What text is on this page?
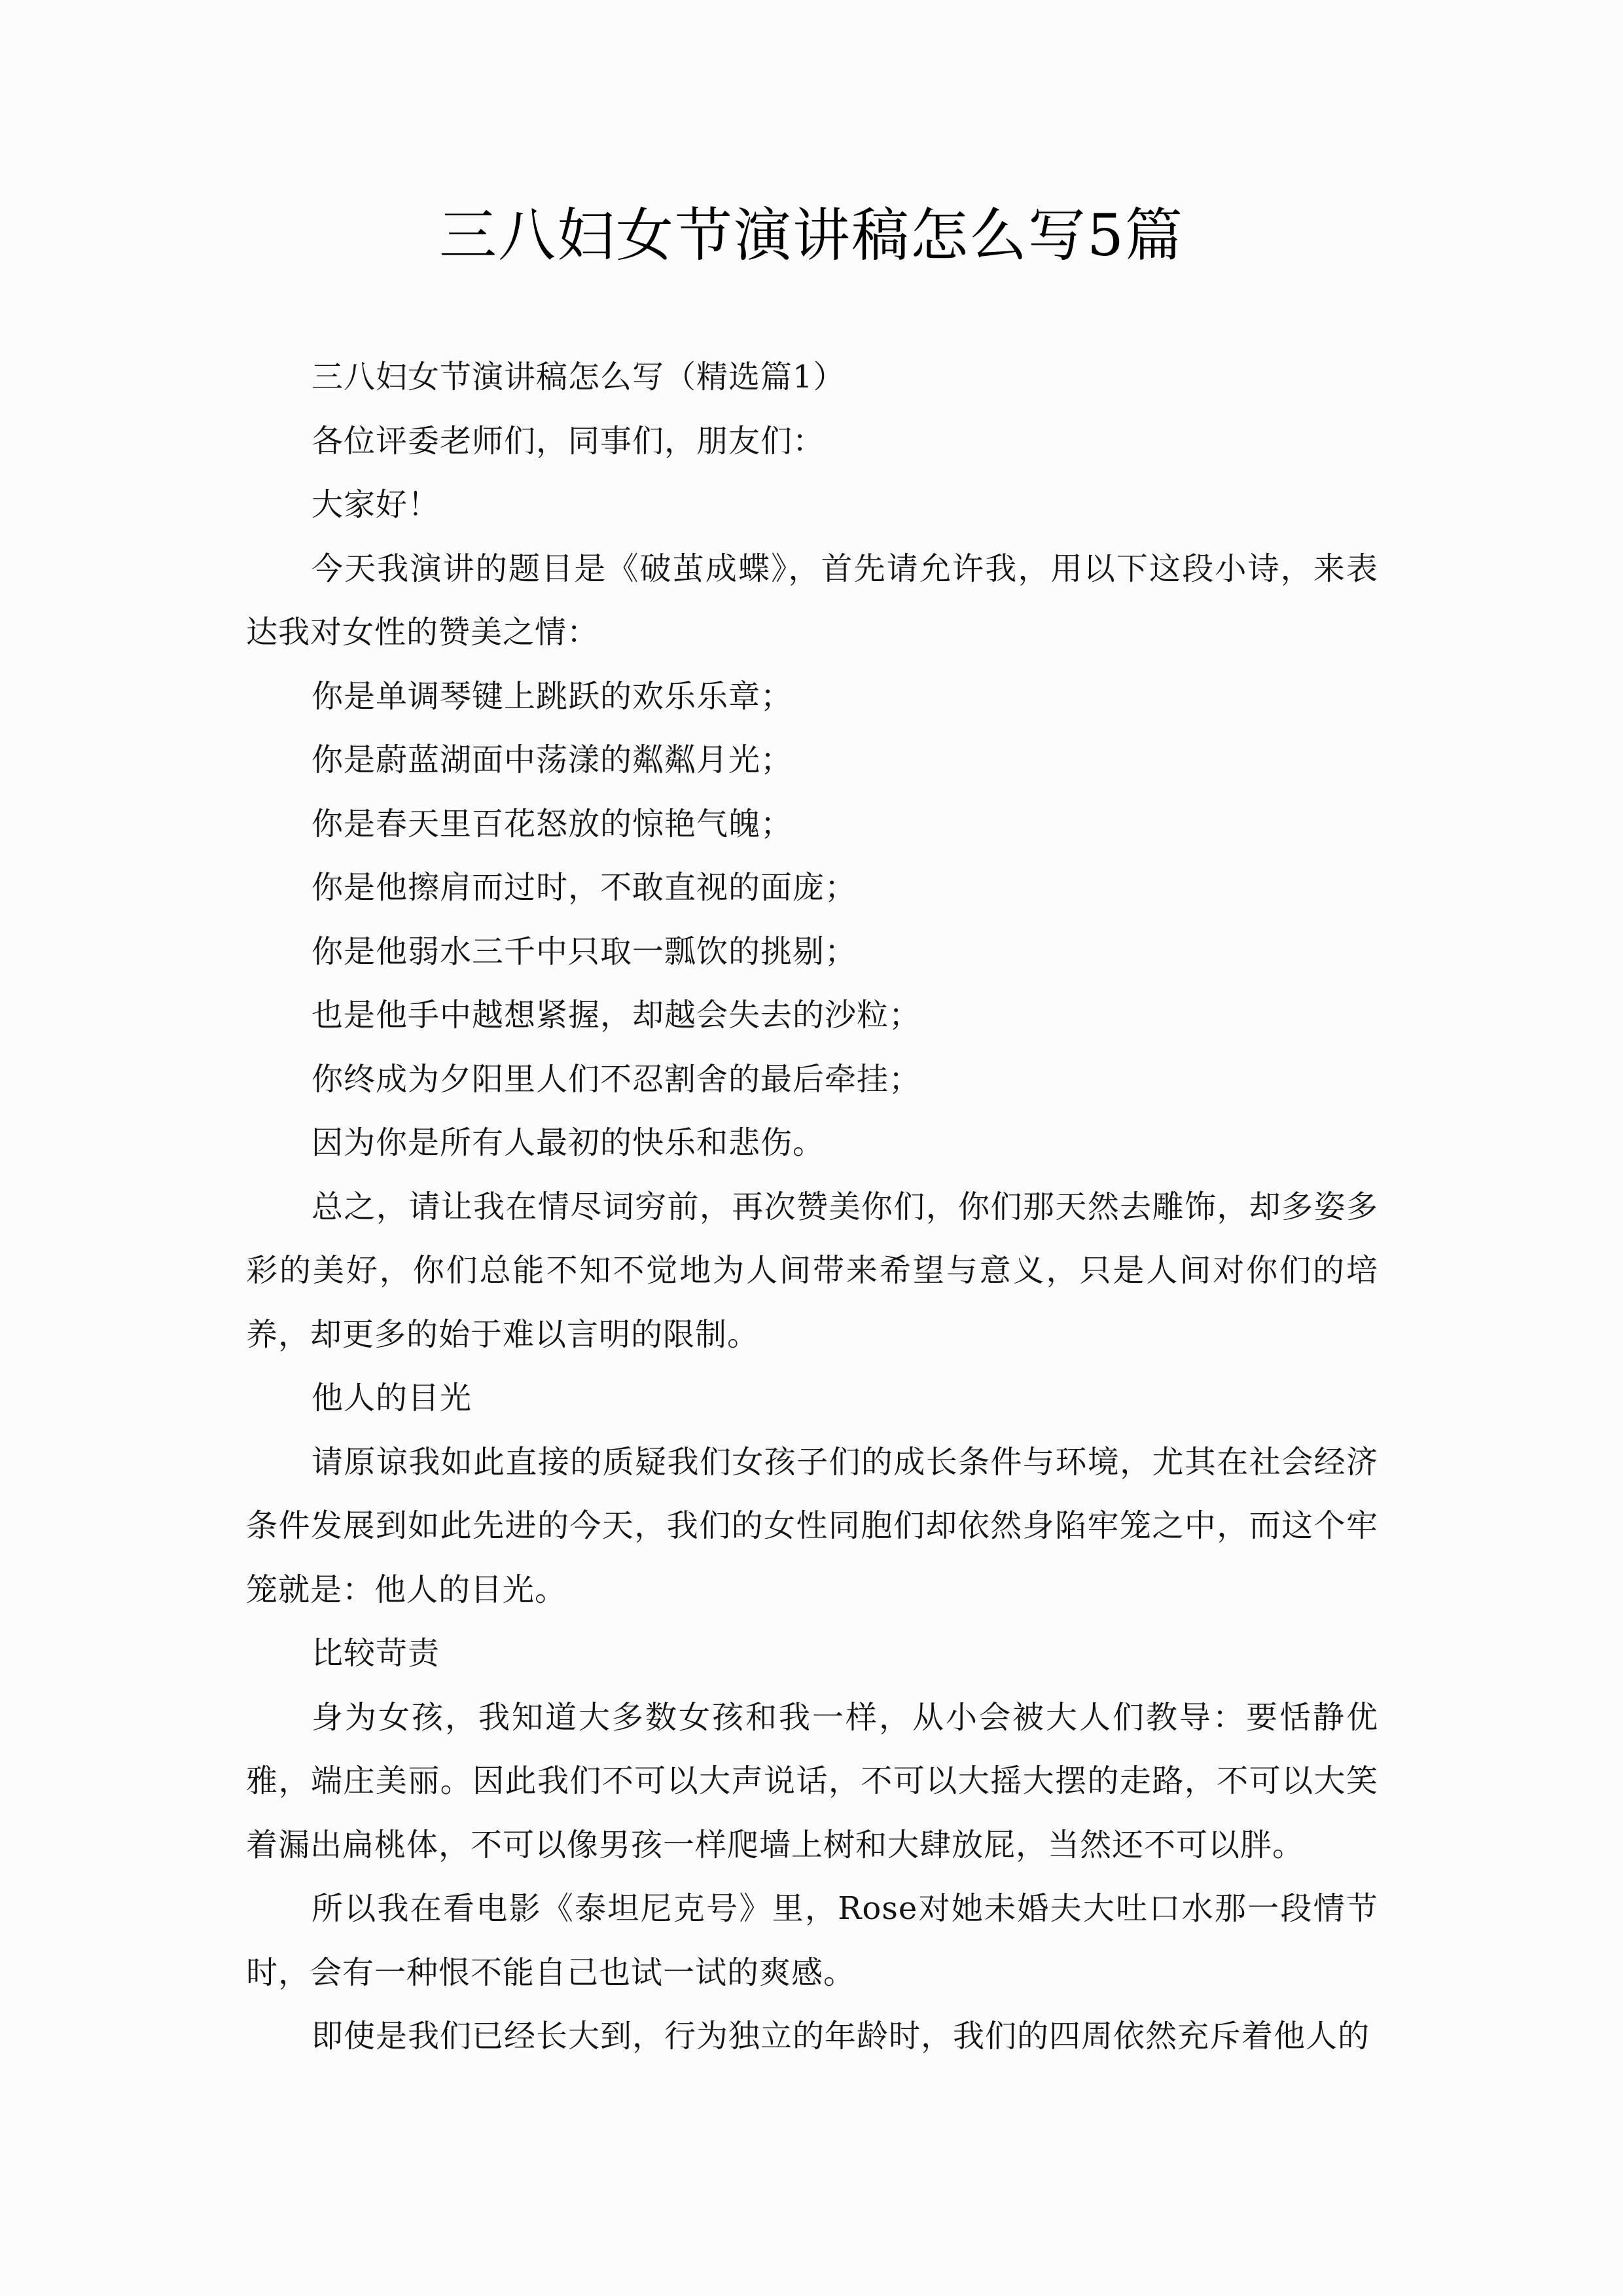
三八妇女节演讲稿怎么写5篇

三八妇女节演讲稿怎么写（精选篇1）

各位评委老师们，同事们，朋友们：

大家好！

今天我演讲的题目是《破茧成蝶》，首先请允许我，用以下这段小诗，来表达我对女性的赞美之情：

你是单调琴键上跳跃的欢乐乐章；

你是蔚蓝湖面中荡漾的粼粼月光；

你是春天里百花怒放的惊艳气魄；

你是他擦肩而过时，不敢直视的面庞；

你是他弱水三千中只取一瓢饮的挑剔；

也是他手中越想紧握，却越会失去的沙粒；

你终成为夕阳里人们不忍割舍的最后牵挂；

因为你是所有人最初的快乐和悲伤。

总之，请让我在情尽词穷前，再次赞美你们，你们那天然去雕饰，却多姿多彩的美好，你们总能不知不觉地为人间带来希望与意义，只是人间对你们的培养，却更多的始于难以言明的限制。

他人的目光

请原谅我如此直接的质疑我们女孩子们的成长条件与环境，尤其在社会经济条件发展到如此先进的今天，我们的女性同胞们却依然身陷牢笼之中，而这个牢笼就是：他人的目光。

比较苛责

身为女孩，我知道大多数女孩和我一样，从小会被大人们教导：要恬静优雅，端庄美丽。因此我们不可以大声说话，不可以大摇大摆的走路，不可以大笑着漏出扁桃体，不可以像男孩一样爬墙上树和大肆放屁，当然还不可以胖。

所以我在看电影《泰坦尼克号》里，Rose对她未婚夫大吐口水那一段情节时，会有一种恨不能自己也试一试的爽感。

即使是我们已经长大到，行为独立的年龄时，我们的四周依然充斥着他人的
